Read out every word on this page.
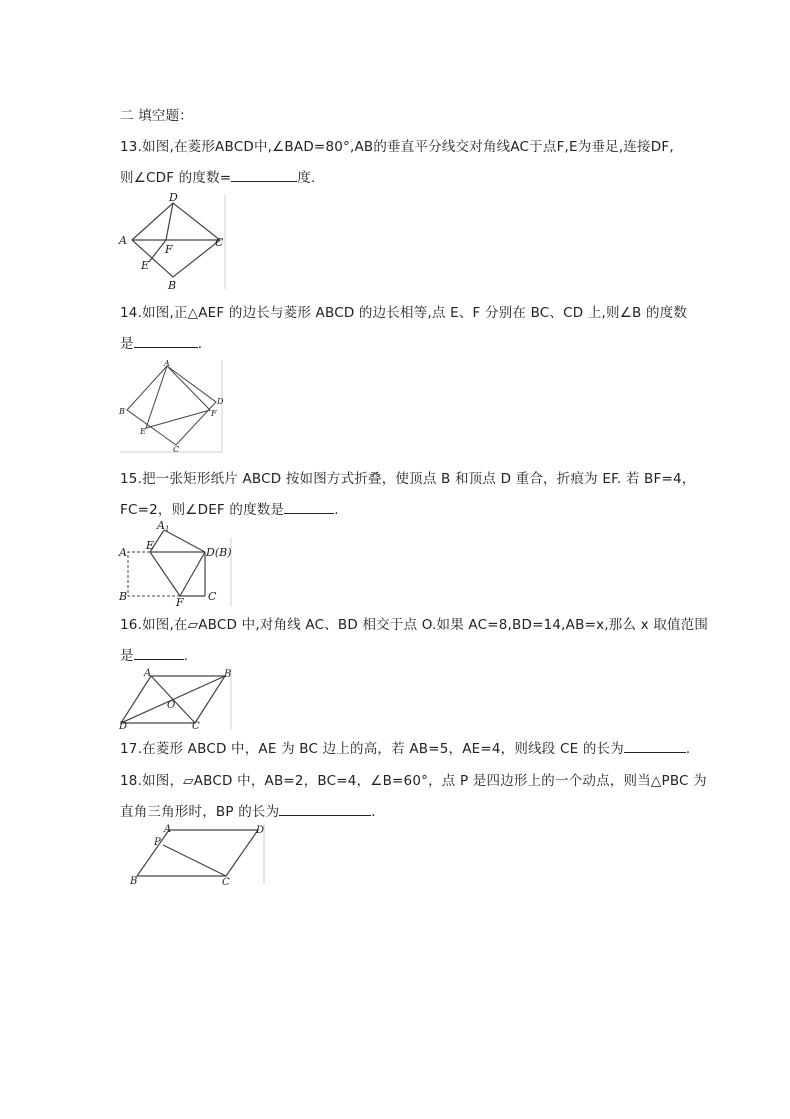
二 填空题：
13.如图,在菱形ABCD中,∠BAD=80°,AB的垂直平分线交对角线AC于点F,E为垂足,连接DF,
则∠CDF 的度数=	度.
D
A	C
F
E
B
14.如图,正△AEF 的边长与菱形 ABCD 的边长相等,点 E、F 分别在 BC、CD 上,则∠B 的度数
是	.
A
B
D
F
E
C
15.把一张矩形纸片 ABCD 按如图方式折叠，使顶点 B 和顶点 D 重合，折痕为 EF. 若 BF=4，
FC=2，则∠DEF 的度数是	.
A1
A
E
D(B)
B	C
F
16.如图,在▱ABCD 中,对角线 AC、BD 相交于点 O.如果 AC=8,BD=14,AB=x,那么 x 取值范围
是	.
A	B
O
D	C
17.在菱形 ABCD 中，AE 为 BC 边上的高，若 AB=5，AE=4，则线段 CE 的长为	.
18.如图，▱ABCD 中，AB=2，BC=4，∠B=60°，点 P 是四边形上的一个动点，则当△PBC 为
直角三角形时，BP 的长为	.
A	D
P
B	C
